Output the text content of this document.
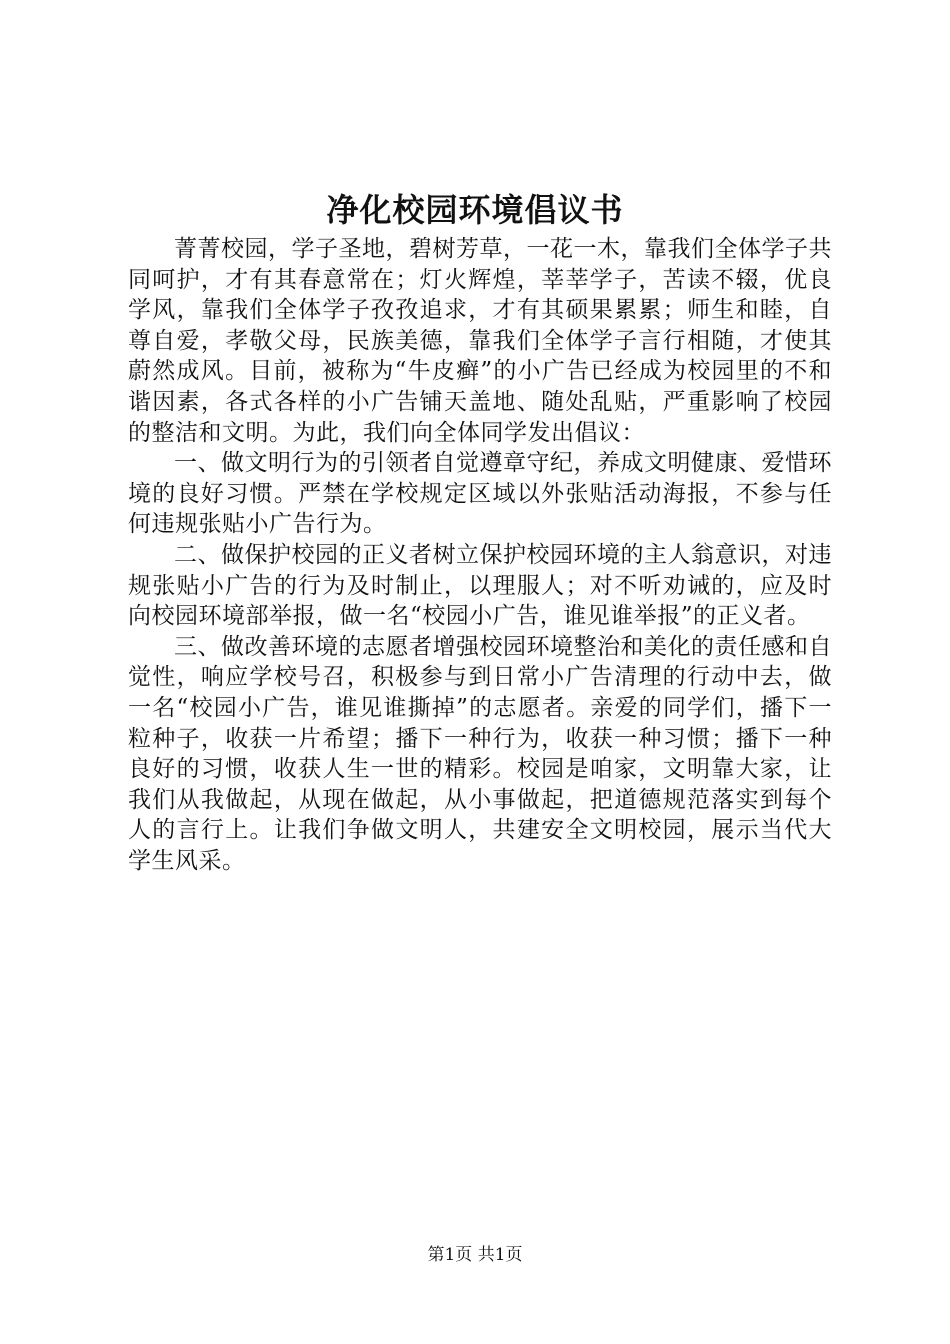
净化校园环境倡议书

菁菁校园，学子圣地，碧树芳草，一花一木，靠我们全体学子共同呵护，才有其春意常在；灯火辉煌，莘莘学子，苦读不辍，优良学风，靠我们全体学子孜孜追求，才有其硕果累累；师生和睦，自尊自爱，孝敬父母，民族美德，靠我们全体学子言行相随，才使其蔚然成风。目前，被称为“牛皮癣”的小广告已经成为校园里的不和谐因素，各式各样的小广告铺天盖地、随处乱贴，严重影响了校园的整洁和文明。为此，我们向全体同学发出倡议：

一、做文明行为的引领者自觉遵章守纪，养成文明健康、爱惜环境的良好习惯。严禁在学校规定区域以外张贴活动海报，不参与任何违规张贴小广告行为。

二、做保护校园的正义者树立保护校园环境的主人翁意识，对违规张贴小广告的行为及时制止，以理服人；对不听劝诫的，应及时向校园环境部举报，做一名“校园小广告，谁见谁举报”的正义者。

三、做改善环境的志愿者增强校园环境整治和美化的责任感和自觉性，响应学校号召，积极参与到日常小广告清理的行动中去，做一名“校园小广告，谁见谁撕掉”的志愿者。亲爱的同学们，播下一粒种子，收获一片希望；播下一种行为，收获一种习惯；播下一种良好的习惯，收获人生一世的精彩。校园是咱家，文明靠大家，让我们从我做起，从现在做起，从小事做起，把道德规范落实到每个人的言行上。让我们争做文明人，共建安全文明校园，展示当代大学生风采。

第1页 共1页
